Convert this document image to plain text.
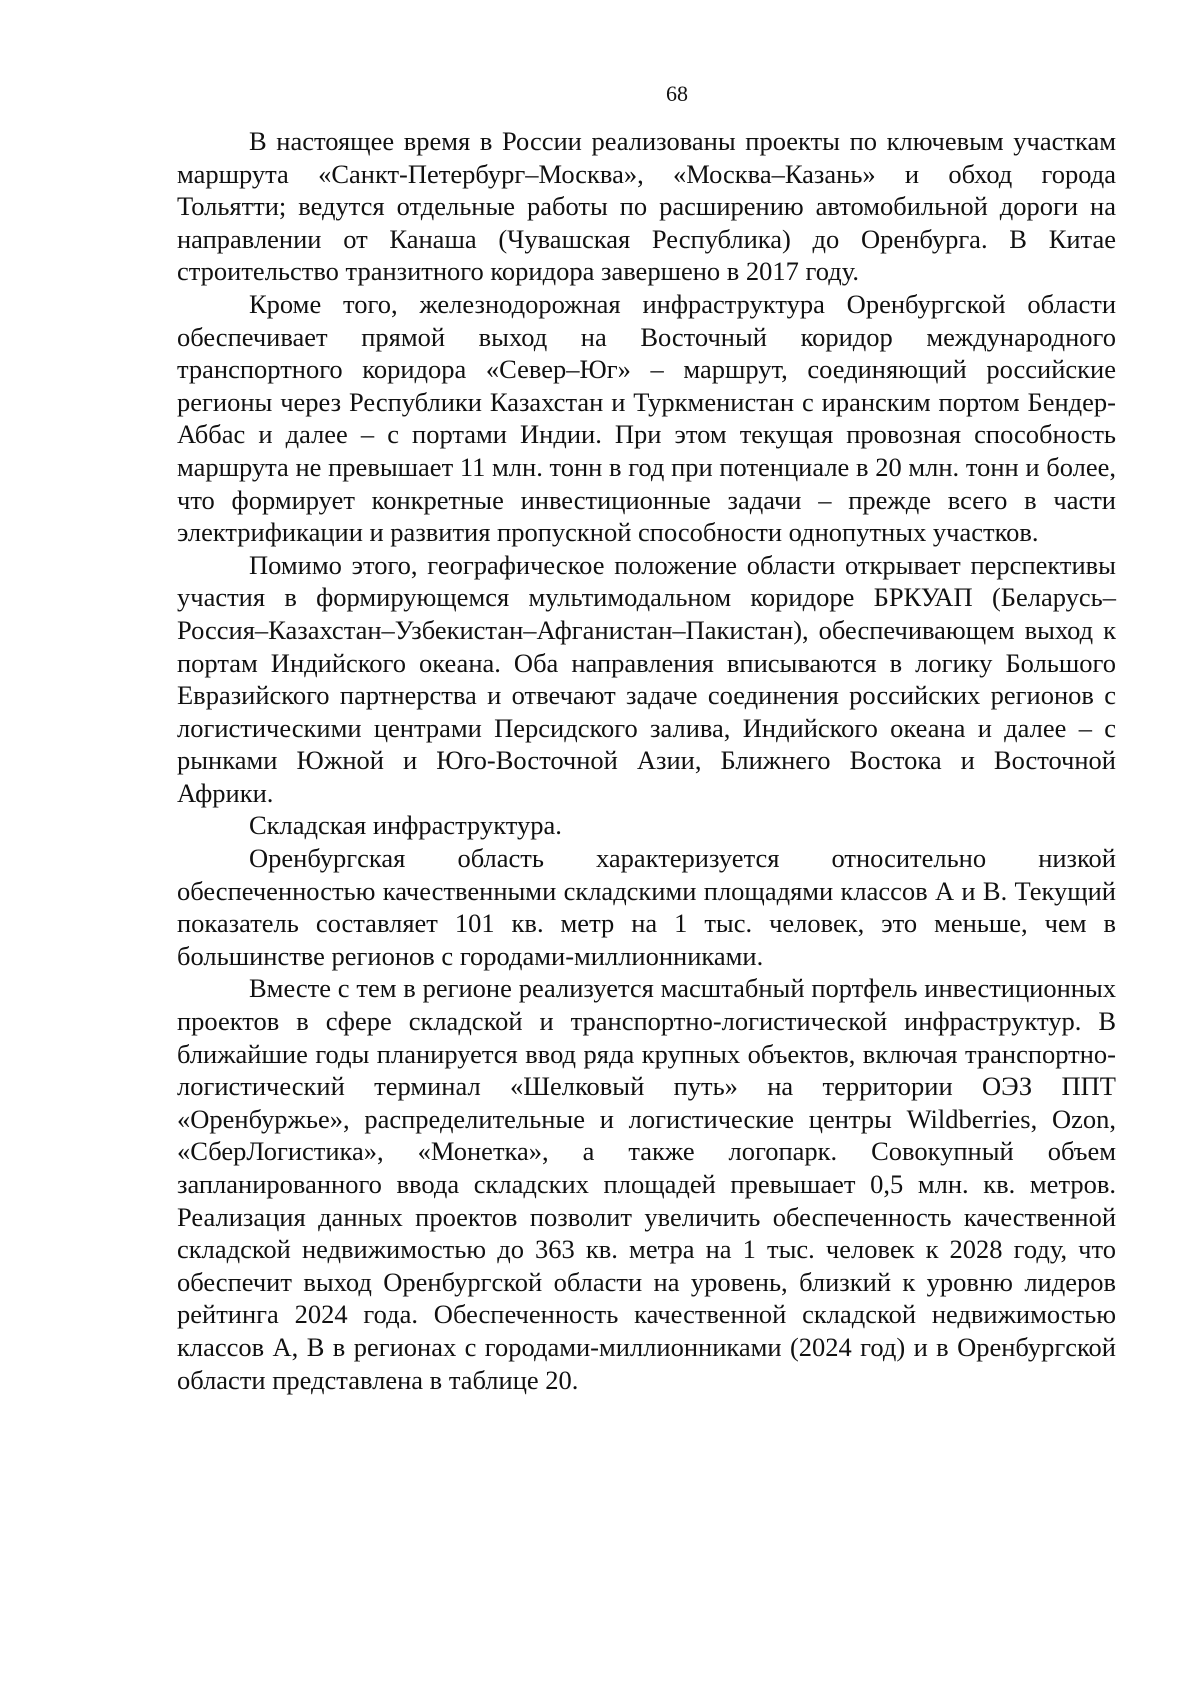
68

В настоящее время в России реализованы проекты по ключевым участкам маршрута «Санкт-Петербург–Москва», «Москва–Казань» и обход города Тольятти; ведутся отдельные работы по расширению автомобильной дороги на направлении от Канаша (Чувашская Республика) до Оренбурга. В Китае строительство транзитного коридора завершено в 2017 году.

Кроме того, железнодорожная инфраструктура Оренбургской области обеспечивает прямой выход на Восточный коридор международного транспортного коридора «Север–Юг» – маршрут, соединяющий российские регионы через Республики Казахстан и Туркменистан с иранским портом Бендер-Аббас и далее – с портами Индии. При этом текущая провозная способность маршрута не превышает 11 млн. тонн в год при потенциале в 20 млн. тонн и более, что формирует конкретные инвестиционные задачи – прежде всего в части электрификации и развития пропускной способности однопутных участков.

Помимо этого, географическое положение области открывает перспективы участия в формирующемся мультимодальном коридоре БРКУАП (Беларусь–Россия–Казахстан–Узбекистан–Афганистан–Пакистан), обеспечивающем выход к портам Индийского океана. Оба направления вписываются в логику Большого Евразийского партнерства и отвечают задаче соединения российских регионов с логистическими центрами Персидского залива, Индийского океана и далее – с рынками Южной и Юго-Восточной Азии, Ближнего Востока и Восточной Африки.

Складская инфраструктура.

Оренбургская область характеризуется относительно низкой обеспеченностью качественными складскими площадями классов А и В. Текущий показатель составляет 101 кв. метр на 1 тыс. человек, это меньше, чем в большинстве регионов с городами-миллионниками.

Вместе с тем в регионе реализуется масштабный портфель инвестиционных проектов в сфере складской и транспортно-логистической инфраструктур. В ближайшие годы планируется ввод ряда крупных объектов, включая транспортно-логистический терминал «Шелковый путь» на территории ОЭЗ ППТ «Оренбуржье», распределительные и логистические центры Wildberries, Ozon, «СберЛогистика», «Монетка», а также логопарк. Совокупный объем запланированного ввода складских площадей превышает 0,5 млн. кв. метров. Реализация данных проектов позволит увеличить обеспеченность качественной складской недвижимостью до 363 кв. метра на 1 тыс. человек к 2028 году, что обеспечит выход Оренбургской области на уровень, близкий к уровню лидеров рейтинга 2024 года. Обеспеченность качественной складской недвижимостью классов А, В в регионах с городами-миллионниками (2024 год) и в Оренбургской области представлена в таблице 20.
